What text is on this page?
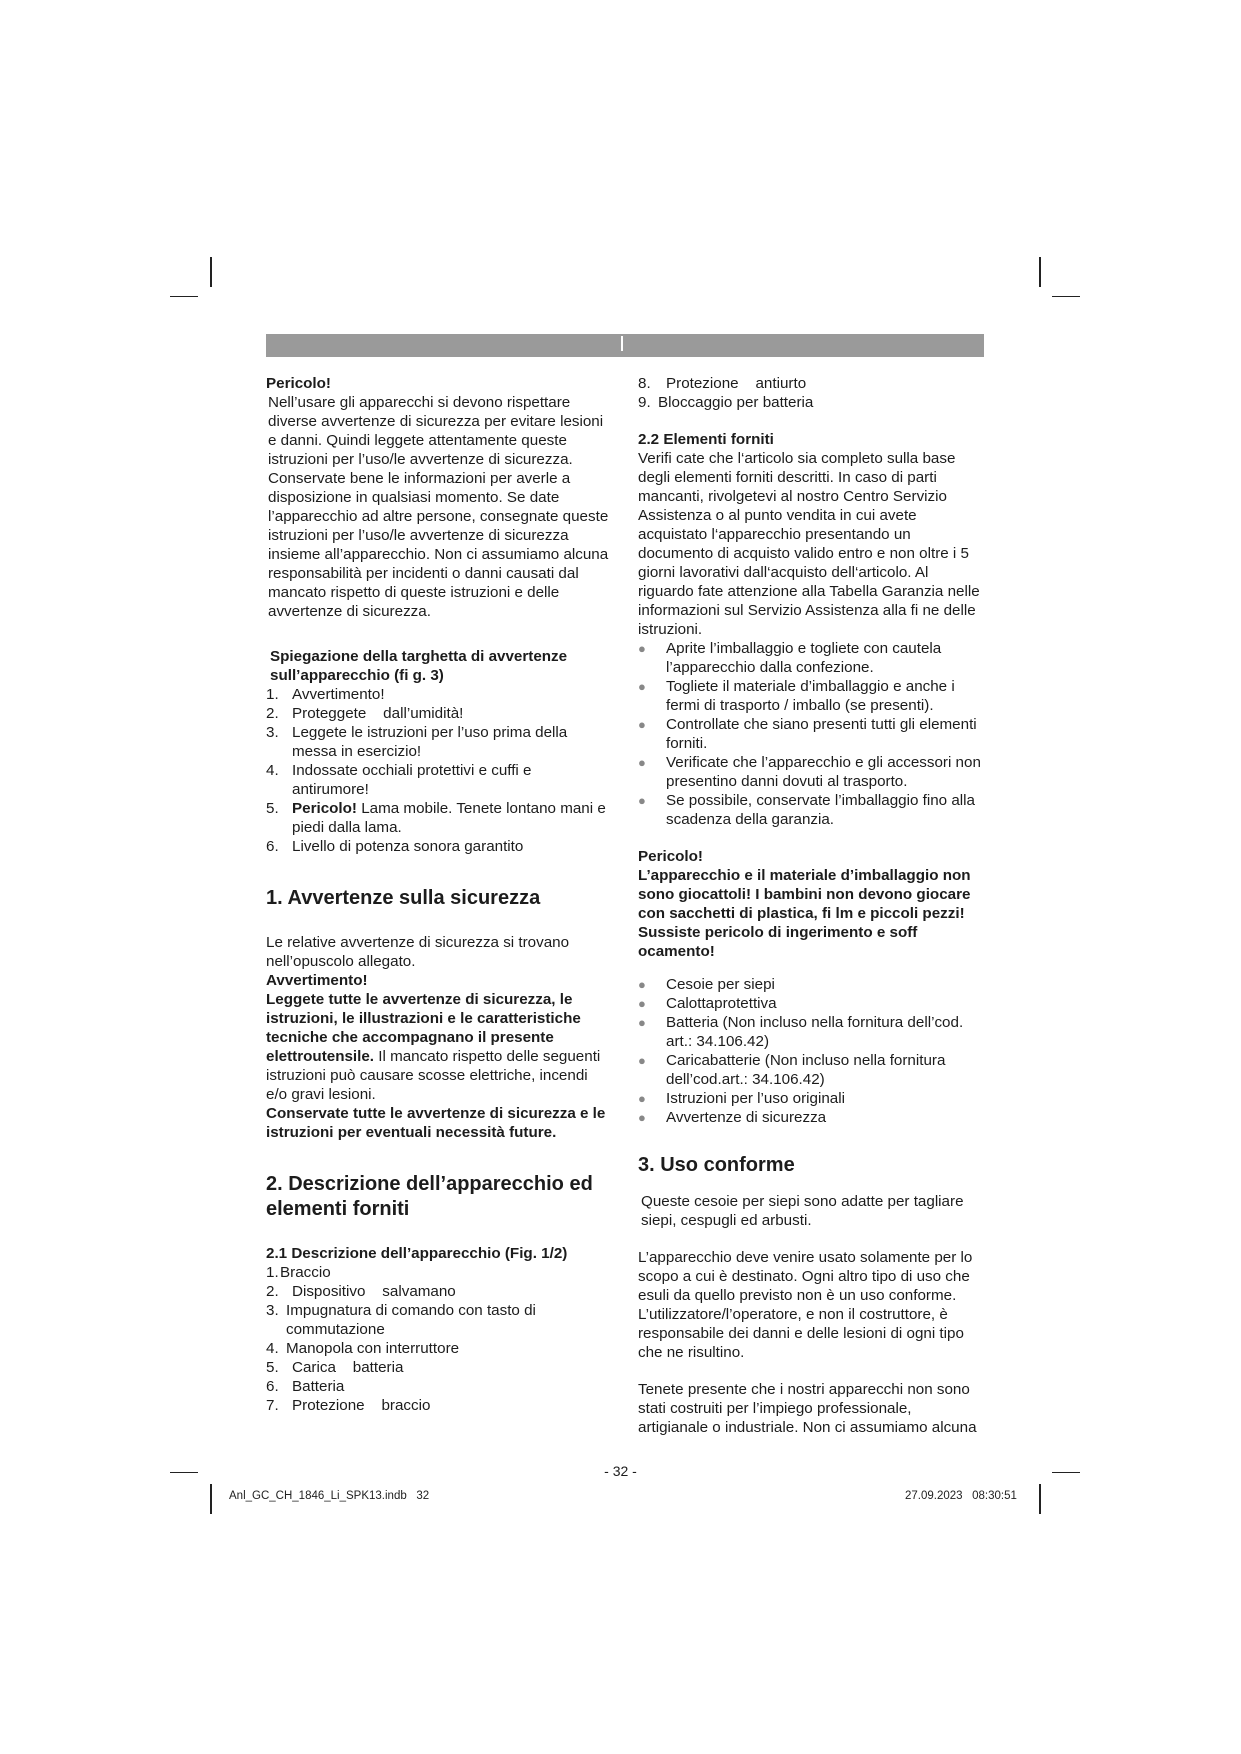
Pericolo!

Nell’usare gli apparecchi si devono rispettare diverse avvertenze di sicurezza per evitare lesioni e danni. Quindi leggete attentamente queste istruzioni per l’uso/le avvertenze di sicurezza. Conservate bene le informazioni per averle a disposizione in qualsiasi momento. Se date l’apparecchio ad altre persone, consegnate queste istruzioni per l’uso/le avvertenze di sicurezza insieme all’apparecchio. Non ci assumiamo alcuna responsabilità per incidenti o danni causati dal mancato rispetto di queste istruzioni e delle avvertenze di sicurezza.

Spiegazione della targhetta di avvertenze sull’apparecchio (fi g. 3)

1. Avvertimento!
2. Proteggete    dall’umidità!
3. Leggete le istruzioni per l’uso prima della messa in esercizio!
4. Indossate occhiali protettivi e cuffi e antirumore!
5. Pericolo! Lama mobile. Tenete lontano mani e piedi dalla lama.
6. Livello di potenza sonora garantito

1. Avvertenze sulla sicurezza

Le relative avvertenze di sicurezza si trovano nell’opuscolo allegato.

Avvertimento!

Leggete tutte le avvertenze di sicurezza, le istruzioni, le illustrazioni e le caratteristiche tecniche che accompagnano il presente elettroutensile. Il mancato rispetto delle seguenti istruzioni può causare scosse elettriche, incendi e/o gravi lesioni.

Conservate tutte le avvertenze di sicurezza e le istruzioni per eventuali necessità future.

2. Descrizione dell’apparecchio ed elementi forniti

2.1 Descrizione dell’apparecchio (Fig. 1/2)

1. Braccio
2. Dispositivo    salvamano
3. Impugnatura di comando con tasto di commutazione
4. Manopola con interruttore
5. Carica    batteria
6. Batteria
7. Protezione    braccio
8. Protezione    antiurto
9. Bloccaggio per batteria

2.2 Elementi forniti

Verifi cate che l‘articolo sia completo sulla base degli elementi forniti descritti. In caso di parti mancanti, rivolgetevi al nostro Centro Servizio Assistenza o al punto vendita in cui avete acquistato l‘apparecchio presentando un documento di acquisto valido entro e non oltre i 5 giorni lavorativi dall‘acquisto dell‘articolo. Al riguardo fate attenzione alla Tabella Garanzia nelle informazioni sul Servizio Assistenza alla fi ne delle istruzioni.

● Aprite l’imballaggio e togliete con cautela l’apparecchio dalla confezione.
● Togliete il materiale d’imballaggio e anche i fermi di trasporto / imballo (se presenti).
● Controllate che siano presenti tutti gli elementi forniti.
● Verificate che l’apparecchio e gli accessori non presentino danni dovuti al trasporto.
● Se possibile, conservate l’imballaggio fino alla scadenza della garanzia.

Pericolo!

L’apparecchio e il materiale d’imballaggio non sono giocattoli! I bambini non devono giocare con sacchetti di plastica, fi lm e piccoli pezzi! Sussiste pericolo di ingerimento e soff ocamento!

● Cesoie per siepi
● Calottaprotettiva
● Batteria (Non incluso nella fornitura dell’cod. art.: 34.106.42)
● Caricabatterie (Non incluso nella fornitura dell’cod.art.: 34.106.42)
● Istruzioni per l’uso originali
● Avvertenze di sicurezza

3. Uso conforme

Queste cesoie per siepi sono adatte per tagliare siepi, cespugli ed arbusti.

L’apparecchio deve venire usato solamente per lo scopo a cui è destinato. Ogni altro tipo di uso che esuli da quello previsto non è un uso conforme. L’utilizzatore/l’operatore, e non il costruttore, è responsabile dei danni e delle lesioni di ogni tipo che ne risultino.

Tenete presente che i nostri apparecchi non sono stati costruiti per l’impiego professionale, artigianale o industriale. Non ci assumiamo alcuna

- 32 -
Anl_GC_CH_1846_Li_SPK13.indb   32	27.09.2023   08:30:51
